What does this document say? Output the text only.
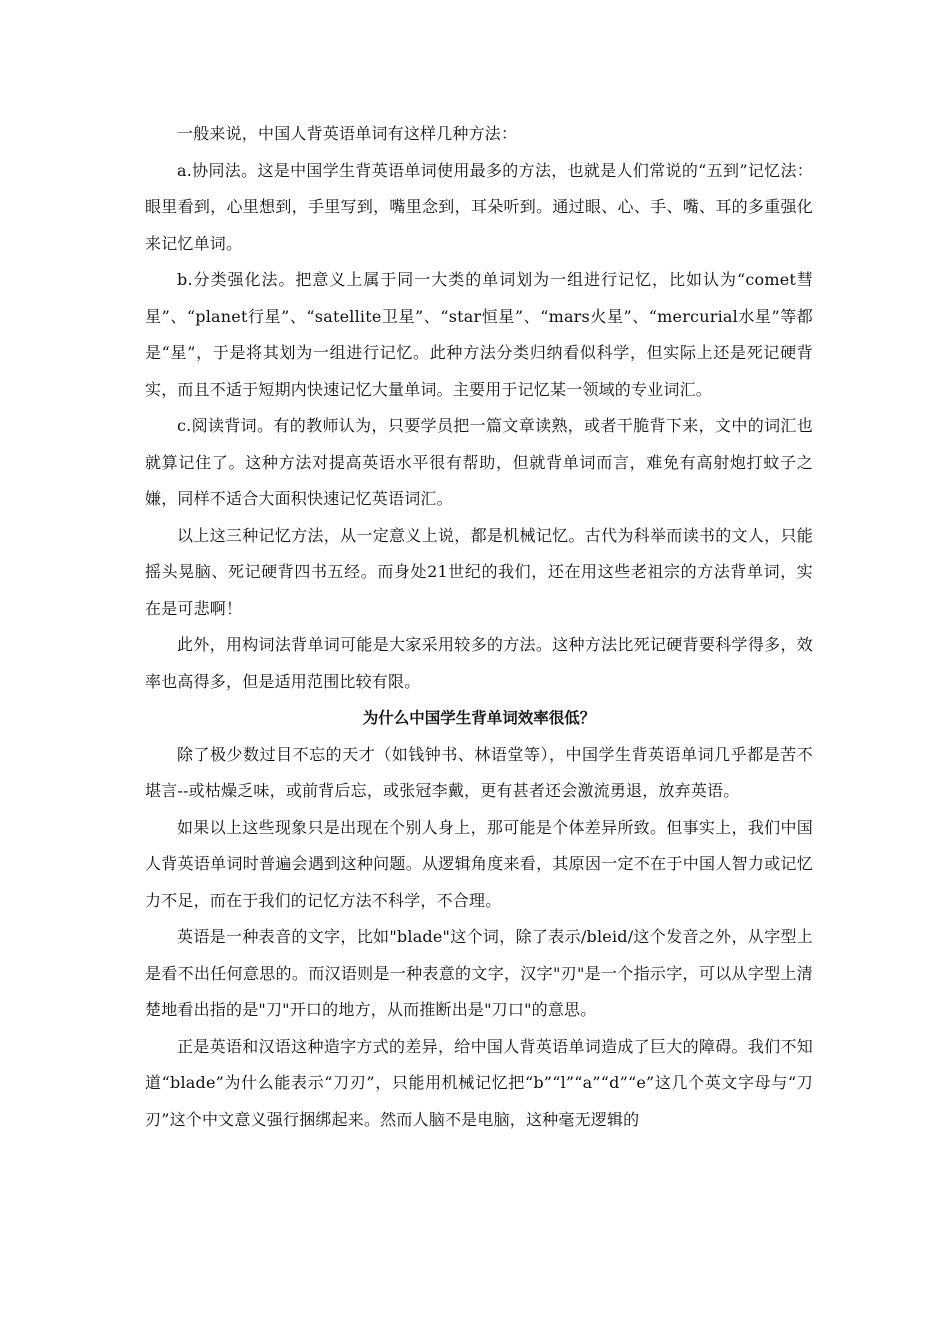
一般来说，中国人背英语单词有这样几种方法：

a.协同法。这是中国学生背英语单词使用最多的方法，也就是人们常说的“五到”记忆法：眼里看到，心里想到，手里写到，嘴里念到，耳朵听到。通过眼、心、手、嘴、耳的多重强化来记忆单词。

b.分类强化法。把意义上属于同一大类的单词划为一组进行记忆，比如认为“comet彗星”、“planet行星”、“satellite卫星”、“star恒星”、“mars火星”、“mercurial水星”等都是“星”，于是将其划为一组进行记忆。此种方法分类归纳看似科学，但实际上还是死记硬背实，而且不适于短期内快速记忆大量单词。主要用于记忆某一领域的专业词汇。

c.阅读背词。有的教师认为，只要学员把一篇文章读熟，或者干脆背下来，文中的词汇也就算记住了。这种方法对提高英语水平很有帮助，但就背单词而言，难免有高射炮打蚊子之嫌，同样不适合大面积快速记忆英语词汇。

以上这三种记忆方法，从一定意义上说，都是机械记忆。古代为科举而读书的文人，只能摇头晃脑、死记硬背四书五经。而身处21世纪的我们，还在用这些老祖宗的方法背单词，实在是可悲啊！

此外，用构词法背单词可能是大家采用较多的方法。这种方法比死记硬背要科学得多，效率也高得多，但是适用范围比较有限。

为什么中国学生背单词效率很低？

除了极少数过目不忘的天才（如钱钟书、林语堂等），中国学生背英语单词几乎都是苦不堪言--或枯燥乏味，或前背后忘，或张冠李戴，更有甚者还会激流勇退，放弃英语。

如果以上这些现象只是出现在个别人身上，那可能是个体差异所致。但事实上，我们中国人背英语单词时普遍会遇到这种问题。从逻辑角度来看，其原因一定不在于中国人智力或记忆力不足，而在于我们的记忆方法不科学，不合理。

英语是一种表音的文字，比如"blade"这个词，除了表示/bleid/这个发音之外，从字型上是看不出任何意思的。而汉语则是一种表意的文字，汉字"刃"是一个指示字，可以从字型上清楚地看出指的是"刀"开口的地方，从而推断出是"刀口"的意思。

正是英语和汉语这种造字方式的差异，给中国人背英语单词造成了巨大的障碍。我们不知道“blade”为什么能表示“刀刃”，只能用机械记忆把“b”“l”“a”“d”“e”这几个英文字母与“刀刃”这个中文意义强行捆绑起来。然而人脑不是电脑，这种毫无逻辑的
